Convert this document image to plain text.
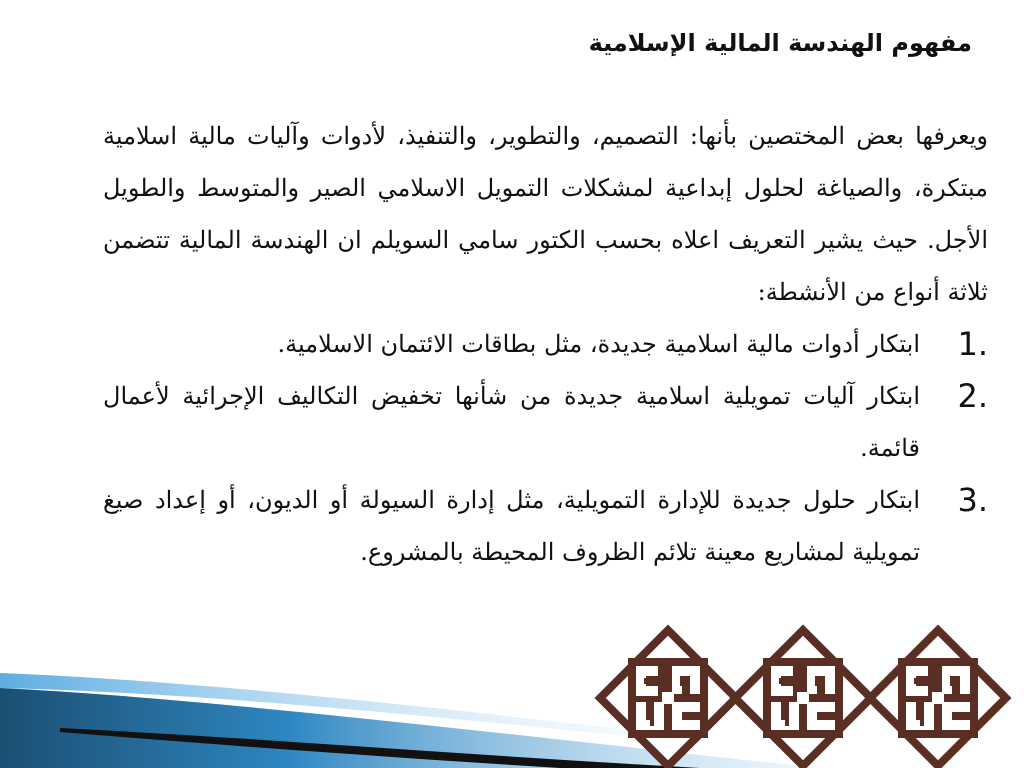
مفهوم الهندسة المالية الإسلامية

ويعرفها بعض المختصين بأنها: التصميم، والتطوير، والتنفيذ، لأدوات وآليات مالية اسلامية مبتكرة، والصياغة لحلول إبداعية لمشكلات التمويل الاسلامي الصير والمتوسط والطويل الأجل. حيث يشير التعريف اعلاه بحسب الكتور سامي السويلم ان الهندسة المالية تتضمن ثلاثة أنواع من الأنشطة:

1.
ابتكار أدوات مالية اسلامية جديدة، مثل بطاقات الائتمان الاسلامية.
2.
ابتكار آليات تمويلية اسلامية جديدة من شأنها تخفيض التكاليف الإجرائية لأعمال قائمة.
3.
ابتكار حلول جديدة للإدارة التمويلية، مثل إدارة السيولة أو الديون، أو إعداد صيغ تمويلية لمشاريع معينة تلائم الظروف المحيطة بالمشروع.
